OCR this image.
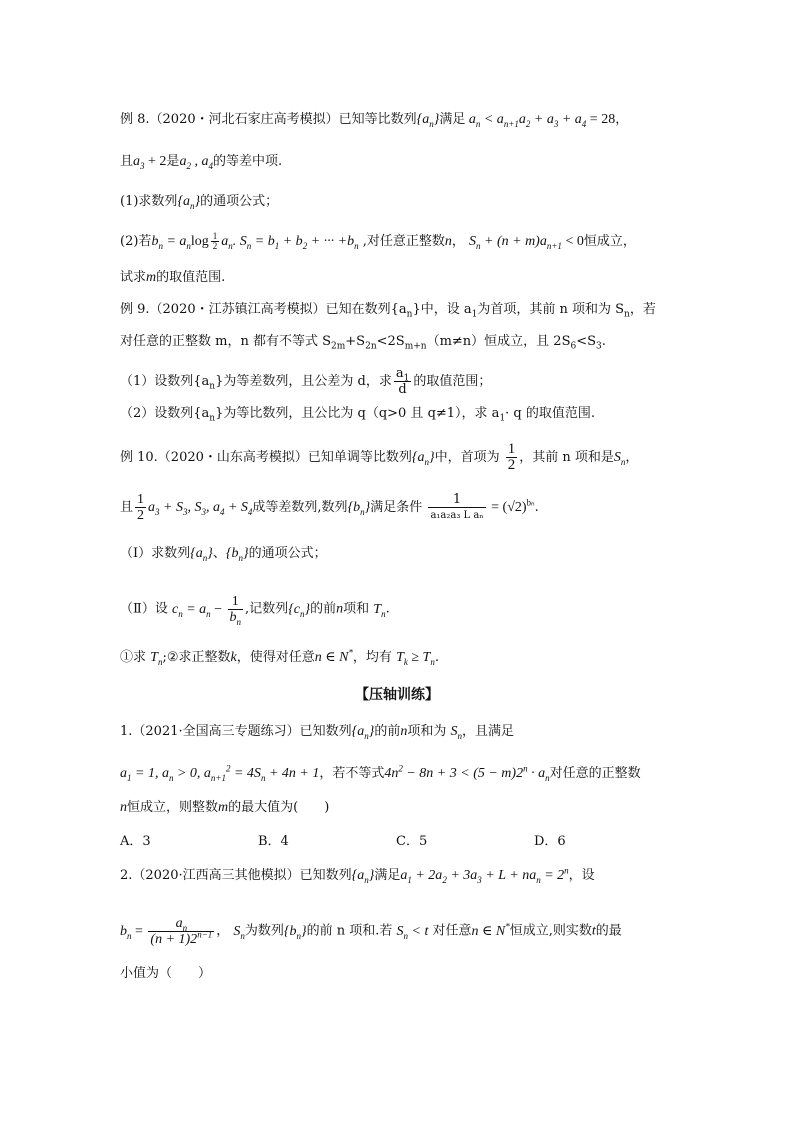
例 8.（2020・河北石家庄高考模拟）已知等比数列$\{a_n\}$满足 $a_n < a_{n+1}a_2 + a_3 + a_4 = 28$，
且$a_3 + 2$是$a_2$ , $a_4$的等差中项.
(1)求数列$\{a_n\}$的通项公式；
(2)若$b_n = a_n\log \frac{1}{2} a_n$. $S_n = b_1 + b_2$ + ··· $+b_n$ ,对任意正整数n， $S_n + (n + m)a_{n+1} < 0$恒成立，
试求m的取值范围.
例 9.（2020・江苏镇江高考模拟）已知在数列$\{a_n\}$中，设 $a_1$为首项，其前 n 项和为 $S_n$，若
对任意的正整数 m，n 都有不等式 $S_{2m}+S_{2n}<2S_{m+n}(m\ne n)$恒成立，且 $2S_6<S_3$.
（1）设数列$\{a_n\}$为等差数列，且公差为 d，求 $\frac{a_1}{d}$ 的取值范围；
（2）设数列$\{a_n\}$为等比数列，且公比为 q（q>0 且 q≠1），求 $a_1\cdot q$ 的取值范围.
例 10.（2020・山东高考模拟）已知单调等比数列$\{a_n\}$中，首项为 $\frac{1}{2}$ ，其前 n 项和是$S_n$，
且 $\frac{1}{2} a_3 + S_3$, $S_3$, $a_4 + S_4$成等差数列,数列$\{b_n\}$满足条件 $\frac{1}{\text{a₁a₂a₃ L aₙ}} = (√2)^{b_n}$.
（Ⅰ）求数列$\{a_n\}$、$\{b_n\}$的通项公式；
（Ⅱ）设 $c_n = a_n - \frac{1}{b_n}$ ,记数列$\{c_n\}$的前n项和 $T_n$.
①求 $T_n;②$求正整数k，使得对任意n ∈ N*，均有 $T_k \ge T_n$.
【压轴训练】
1.（2021·全国高三专题练习）已知数列$\{a_n\}$的前n项和为 $S_n$，且满足
$a_1 = 1$, $a_n > 0$, $a_{n+1}^2 = 4S_n + 4n + 1$，若不等式$4n^2 - 8n + 3 < (5 - m)2^n \cdot a_n$对任意的正整数
n恒成立，则整数m的最大值为(　　)
A．3	B．4	C．5	D．6
2.（2020·江西高三其他模拟）已知数列$\{a_n\}$满足$a_1 + 2a_2 + 3a_3 + L + na_n = 2^n$，设
$b_n = \frac{a_n}{(n + 1)2^{n-1}}$ ， $S_n$为数列$\{b_n\}$的前 n 项和.若 $S_n < t$ 对任意n ∈ N*恒成立,则实数t的最
小值为（　　）
